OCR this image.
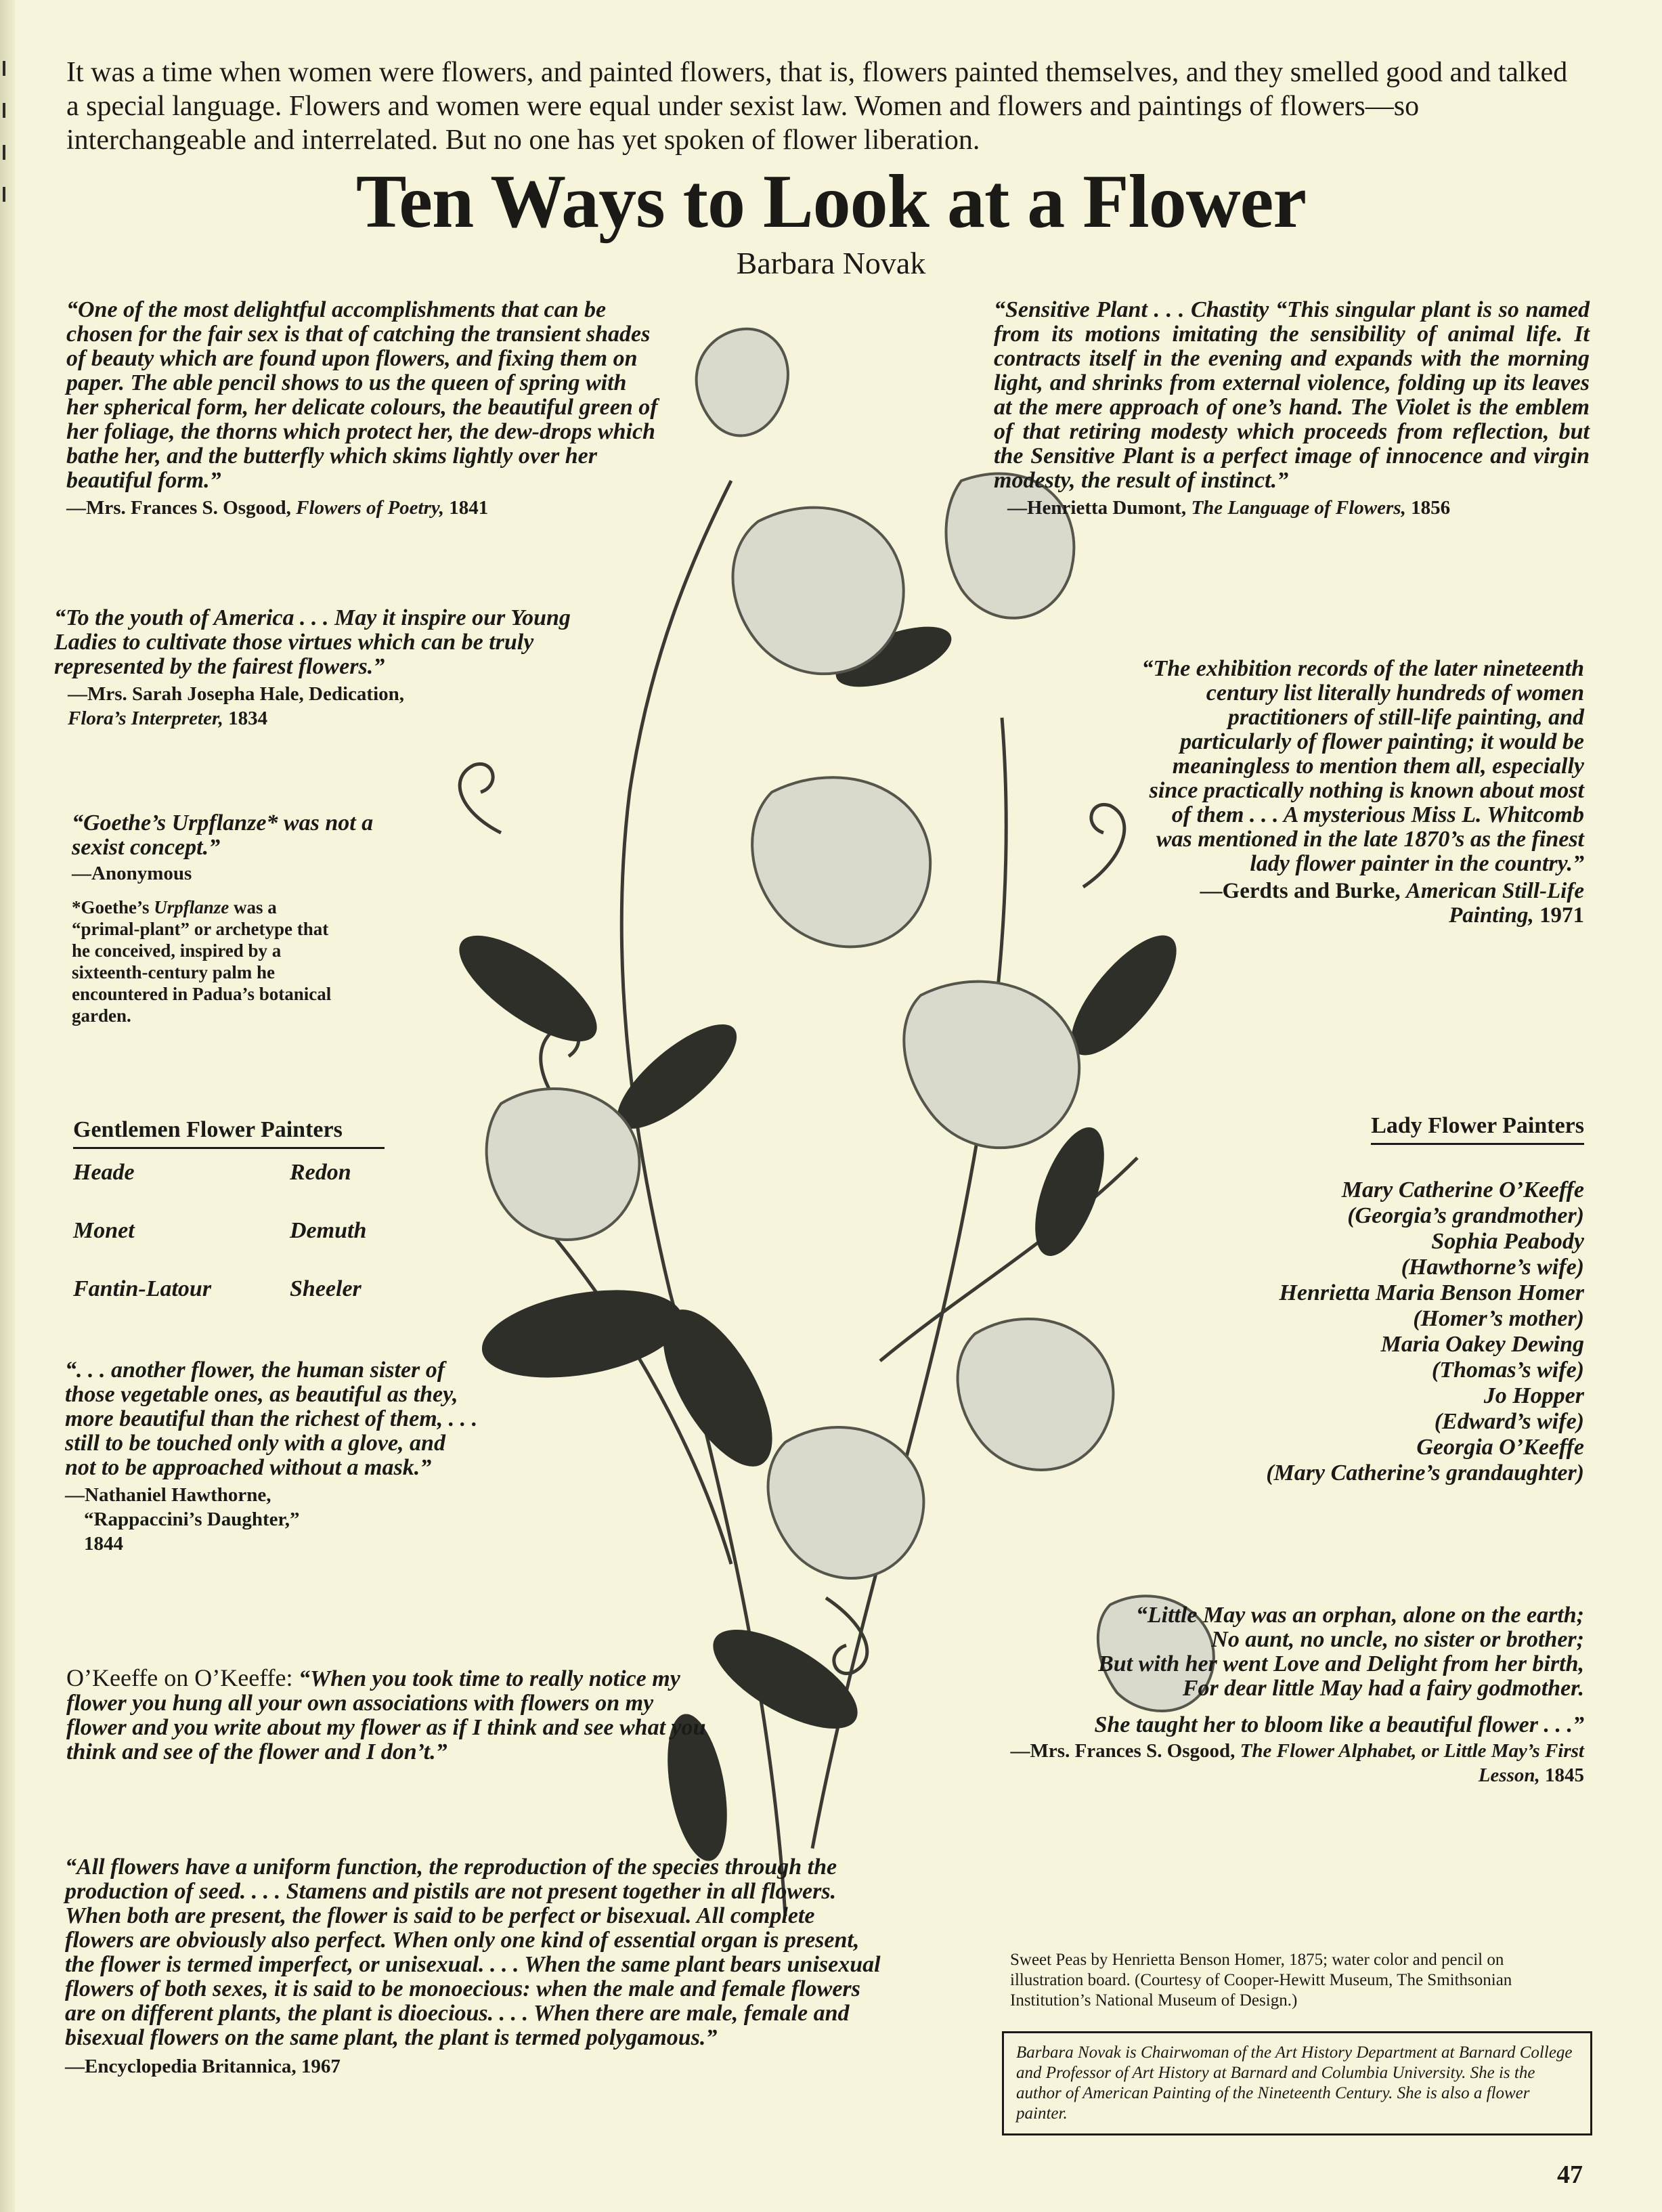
It was a time when women were flowers, and painted flowers, that is, flowers painted themselves, and they smelled good and talked a special language. Flowers and women were equal under sexist law. Women and flowers and paintings of flowers—so interchangeable and interrelated. But no one has yet spoken of flower liberation.
Ten Ways to Look at a Flower
Barbara Novak
“One of the most delightful accomplishments that can be chosen for the fair sex is that of catching the transient shades of beauty which are found upon flowers, and fixing them on paper. The able pencil shows to us the queen of spring with her spherical form, her delicate colours, the beautiful green of her foliage, the thorns which protect her, the dew-drops which bathe her, and the butterfly which skims lightly over her beautiful form.”
—Mrs. Frances S. Osgood, Flowers of Poetry, 1841
“To the youth of America . . . May it inspire our Young Ladies to cultivate those virtues which can be truly represented by the fairest flowers.”
—Mrs. Sarah Josepha Hale, Dedication,
Flora’s Interpreter, 1834
“Goethe’s Urpflanze* was not a sexist concept.”
—Anonymous
*Goethe’s Urpflanze was a “primal-plant” or archetype that he conceived, inspired by a sixteenth-century palm he encountered in Padua’s botanical garden.
Gentlemen Flower Painters
Heade	Redon
Monet	Demuth
Fantin-Latour	Sheeler
“. . . another flower, the human sister of those vegetable ones, as beautiful as they, more beautiful than the richest of them, . . . still to be touched only with a glove, and not to be approached without a mask.”
—Nathaniel Hawthorne,
“Rappaccini’s Daughter,”
1844
O’Keeffe on O’Keeffe: “When you took time to really notice my flower you hung all your own associations with flowers on my flower and you write about my flower as if I think and see what you think and see of the flower and I don’t.”
“All flowers have a uniform function, the reproduction of the species through the production of seed. . . . Stamens and pistils are not present together in all flowers. When both are present, the flower is said to be perfect or bisexual. All complete flowers are obviously also perfect. When only one kind of essential organ is present, the flower is termed imperfect, or unisexual. . . . When the same plant bears unisexual flowers of both sexes, it is said to be monoecious: when the male and female flowers are on different plants, the plant is dioecious. . . . When there are male, female and bisexual flowers on the same plant, the plant is termed polygamous.”
—Encyclopedia Britannica, 1967
“Sensitive Plant . . . Chastity “This singular plant is so named from its motions imitating the sensibility of animal life. It contracts itself in the evening and expands with the morning light, and shrinks from external violence, folding up its leaves at the mere approach of one’s hand. The Violet is the emblem of that retiring modesty which proceeds from reflection, but the Sensitive Plant is a perfect image of innocence and virgin modesty, the result of instinct.”
—Henrietta Dumont, The Language of Flowers, 1856
“The exhibition records of the later nineteenth century list literally hundreds of women practitioners of still-life painting, and particularly of flower painting; it would be meaningless to mention them all, especially since practically nothing is known about most of them . . . A mysterious Miss L. Whitcomb was mentioned in the late 1870’s as the finest lady flower painter in the country.”
—Gerdts and Burke, American Still-Life Painting, 1971
Lady Flower Painters
Mary Catherine O’Keeffe
(Georgia’s grandmother)
Sophia Peabody
(Hawthorne’s wife)
Henrietta Maria Benson Homer
(Homer’s mother)
Maria Oakey Dewing
(Thomas’s wife)
Jo Hopper
(Edward’s wife)
Georgia O’Keeffe
(Mary Catherine’s grandaughter)
“Little May was an orphan, alone on the earth;
No aunt, no uncle, no sister or brother;
But with her went Love and Delight from her birth,
For dear little May had a fairy godmother.
She taught her to bloom like a beautiful flower . . .”
—Mrs. Frances S. Osgood, The Flower Alphabet, or Little May’s First Lesson, 1845
Sweet Peas by Henrietta Benson Homer, 1875; water color and pencil on illustration board. (Courtesy of Cooper-Hewitt Museum, The Smithsonian Institution’s National Museum of Design.)
Barbara Novak is Chairwoman of the Art History Department at Barnard College and Professor of Art History at Barnard and Columbia University. She is the author of American Painting of the Nineteenth Century. She is also a flower painter.
47
